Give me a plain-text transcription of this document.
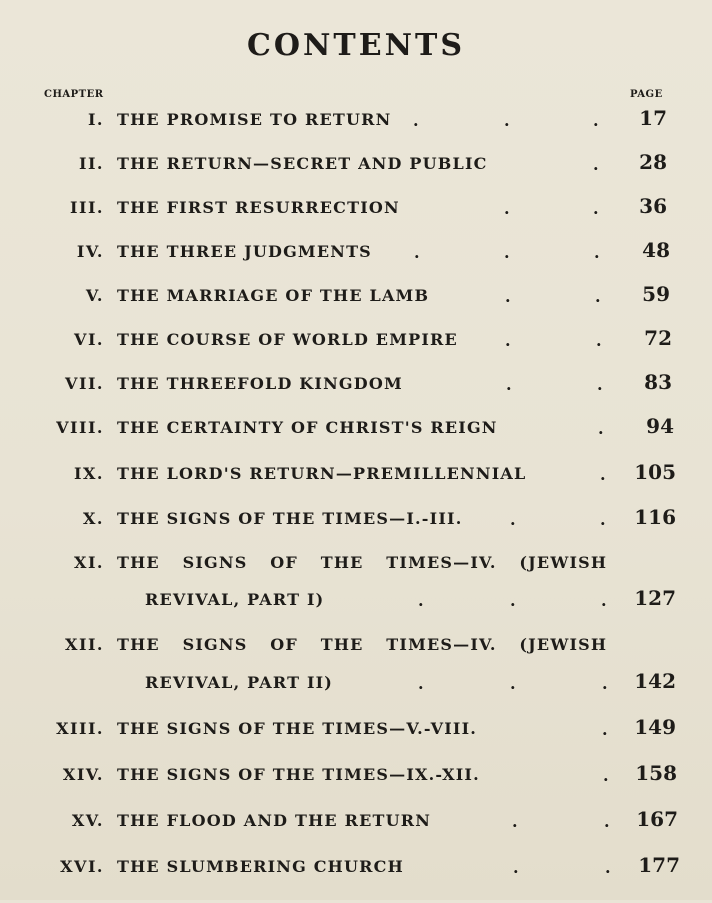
CONTENTS
CHAPTER	PAGE
I. THE PROMISE TO RETURN .	.	. 17
II. THE RETURN—SECRET AND PUBLIC	. 28
III. THE FIRST RESURRECTION	.	. 36
IV. THE THREE JUDGMENTS	.	.	. 48
V. THE MARRIAGE OF THE LAMB	.	. 59
VI. THE COURSE OF WORLD EMPIRE	.	. 72
VII. THE THREEFOLD KINGDOM	.	. 83
VIII. THE CERTAINTY OF CHRIST'S REIGN	. 94
IX. THE LORD'S RETURN—PREMILLENNIAL	. 105
X. THE SIGNS OF THE TIMES—I.-III.	.	. 116
XI. THE SIGNS OF THE TIMES—IV. (JEWISH
REVIVAL, PART I)	.	.	. 127
XII. THE SIGNS OF THE TIMES—IV. (JEWISH
REVIVAL, PART II)	.	.	. 142
XIII. THE SIGNS OF THE TIMES—V.-VIII.	. 149
XIV. THE SIGNS OF THE TIMES—IX.-XII.	. 158
XV. THE FLOOD AND THE RETURN	.	. 167
XVI. THE SLUMBERING CHURCH	.	. 177
